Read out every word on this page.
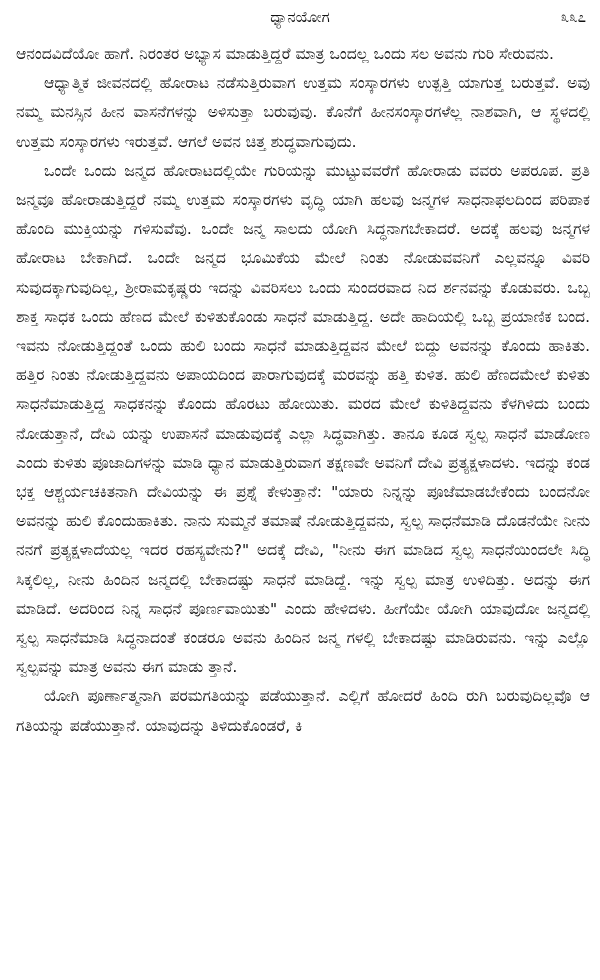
ಧ್ಯಾನಯೋಗ	೩೩೭

ಆನಂದವಿದೆಯೋ ಹಾಗೆ. ನಿರಂತರ ಅಭ್ಯಾಸ ಮಾಡುತ್ತಿದ್ದರೆ ಮಾತ್ರ ಒಂದಲ್ಲ ಒಂದು ಸಲ ಅವನು ಗುರಿ ಸೇರುವನು.

ಆಧ್ಯಾತ್ಮಿಕ ಜೀವನದಲ್ಲಿ ಹೋರಾಟ ನಡೆಸುತ್ತಿರುವಾಗ ಉತ್ತಮ ಸಂಸ್ಕಾರಗಳು ಉತ್ಪತ್ತಿ ಯಾಗುತ್ತ ಬರುತ್ತವೆ. ಅವು ನಮ್ಮ ಮನಸ್ಸಿನ ಹೀನ ವಾಸನೆಗಳನ್ನು ಅಳಿಸುತ್ತಾ ಬರುವುವು. ಕೊನೆಗೆ ಹೀನಸಂಸ್ಕಾರಗಳೆಲ್ಲ ನಾಶವಾಗಿ, ಆ ಸ್ಥಳದಲ್ಲಿ ಉತ್ತಮ ಸಂಸ್ಕಾರಗಳು ಇರುತ್ತವೆ. ಆಗಲೆ ಅವನ ಚಿತ್ತ ಶುದ್ಧವಾಗುವುದು.

ಒಂದೇ ಒಂದು ಜನ್ಮದ ಹೋರಾಟದಲ್ಲಿಯೇ ಗುರಿಯನ್ನು ಮುಟ್ಟುವವರೆಗೆ ಹೋರಾಡು ವವರು ಅಪರೂಪ. ಪ್ರತಿ ಜನ್ಮವೂ ಹೋರಾಡುತ್ತಿದ್ದರೆ ನಮ್ಮ ಉತ್ತಮ ಸಂಸ್ಕಾರಗಳು ವೃದ್ಧಿ ಯಾಗಿ ಹಲವು ಜನ್ಮಗಳ ಸಾಧನಾಫಲದಿಂದ ಪರಿಪಾಕ ಹೊಂದಿ ಮುಕ್ತಿಯನ್ನು ಗಳಿಸುವೆವು. ಒಂದೇ ಜನ್ಮ ಸಾಲದು ಯೋಗಿ ಸಿದ್ಧನಾಗಬೇಕಾದರೆ. ಅದಕ್ಕೆ ಹಲವು ಜನ್ಮಗಳ ಹೋರಾಟ ಬೇಕಾಗಿದೆ. ಒಂದೇ ಜನ್ಮದ ಭೂಮಿಕೆಯ ಮೇಲೆ ನಿಂತು ನೋಡುವವನಿಗೆ ಎಲ್ಲವನ್ನೂ ವಿವರಿ ಸುವುದಕ್ಕಾಗುವುದಿಲ್ಲ, ಶ್ರೀರಾಮಕೃಷ್ಣರು ಇದನ್ನು ವಿವರಿಸಲು ಒಂದು ಸುಂದರವಾದ ನಿದ ರ್ಶನವನ್ನು ಕೊಡುವರು. ಒಬ್ಬ ಶಾಕ್ತ ಸಾಧಕ ಒಂದು ಹೆಣದ ಮೇಲೆ ಕುಳಿತುಕೊಂಡು ಸಾಧನೆ ಮಾಡುತ್ತಿದ್ದ. ಅದೇ ಹಾದಿಯಲ್ಲಿ ಒಬ್ಬ ಪ್ರಯಾಣಿಕ ಬಂದ. ಇವನು ನೋಡುತ್ತಿದ್ದಂತೆ ಒಂದು ಹುಲಿ ಬಂದು ಸಾಧನೆ ಮಾಡುತ್ತಿದ್ದವನ ಮೇಲೆ ಬಿದ್ದು ಅವನನ್ನು ಕೊಂದು ಹಾಕಿತು. ಹತ್ತಿರ ನಿಂತು ನೋಡುತ್ತಿದ್ದವನು ಅಪಾಯದಿಂದ ಪಾರಾಗುವುದಕ್ಕೆ ಮರವನ್ನು ಹತ್ತಿ ಕುಳಿತ. ಹುಲಿ ಹೆಣದಮೇಲೆ ಕುಳಿತು ಸಾಧನೆಮಾಡುತ್ತಿದ್ದ ಸಾಧಕನನ್ನು ಕೊಂದು ಹೊರಟು ಹೋಯಿತು. ಮರದ ಮೇಲೆ ಕುಳಿತಿದ್ದವನು ಕೆಳಗಿಳಿದು ಬಂದು ನೋಡುತ್ತಾನೆ, ದೇವಿ ಯನ್ನು ಉಪಾಸನೆ ಮಾಡುವುದಕ್ಕೆ ಎಲ್ಲಾ ಸಿದ್ಧವಾಗಿತ್ತು. ತಾನೂ ಕೂಡ ಸ್ವಲ್ಪ ಸಾಧನೆ ಮಾಡೋಣ ಎಂದು ಕುಳಿತು ಪೂಜಾದಿಗಳನ್ನು ಮಾಡಿ ಧ್ಯಾನ ಮಾಡುತ್ತಿರುವಾಗ ತಕ್ಷಣವೇ ಅವನಿಗೆ ದೇವಿ ಪ್ರತ್ಯಕ್ಷಳಾದಳು. ಇದನ್ನು ಕಂಡ ಭಕ್ತ ಆಶ್ಚರ್ಯಚಕಿತನಾಗಿ ದೇವಿಯನ್ನು ಈ ಪ್ರಶ್ನೆ ಕೇಳುತ್ತಾನೆ: "ಯಾರು ನಿನ್ನನ್ನು ಪೂಜೆಮಾಡಬೇಕೆಂದು ಬಂದನೋ ಅವನನ್ನು ಹುಲಿ ಕೊಂದುಹಾಕಿತು. ನಾನು ಸುಮ್ಮನೆ ತಮಾಷೆ ನೋಡುತ್ತಿದ್ದವನು, ಸ್ವಲ್ಪ ಸಾಧನೆಮಾಡಿ ದೊಡನೆಯೇ ನೀನು ನನಗೆ ಪ್ರತ್ಯಕ್ಷಳಾದೆಯಲ್ಲ ಇದರ ರಹಸ್ಯವೇನು?" ಅದಕ್ಕೆ ದೇವಿ, "ನೀನು ಈಗ ಮಾಡಿದ ಸ್ವಲ್ಪ ಸಾಧನೆಯಿಂದಲೇ ಸಿದ್ಧಿ ಸಿಕ್ಕಲಿಲ್ಲ, ನೀನು ಹಿಂದಿನ ಜನ್ಮದಲ್ಲಿ ಬೇಕಾದಷ್ಟು ಸಾಧನೆ ಮಾಡಿದ್ದೆ. ಇನ್ನು ಸ್ವಲ್ಪ ಮಾತ್ರ ಉಳಿದಿತ್ತು. ಅದನ್ನು ಈಗ ಮಾಡಿದೆ. ಅದರಿಂದ ನಿನ್ನ ಸಾಧನೆ ಪೂರ್ಣವಾಯಿತು" ಎಂದು ಹೇಳಿದಳು. ಹೀಗೆಯೇ ಯೋಗಿ ಯಾವುದೋ ಜನ್ಮದಲ್ಲಿ ಸ್ವಲ್ಪ ಸಾಧನೆಮಾಡಿ ಸಿದ್ಧನಾದಂತೆ ಕಂಡರೂ ಅವನು ಹಿಂದಿನ ಜನ್ಮ ಗಳಲ್ಲಿ ಬೇಕಾದಷ್ಟು ಮಾಡಿರುವನು. ಇನ್ನು ಎಲ್ಲೊ ಸ್ವಲ್ಪವನ್ನು ಮಾತ್ರ ಅವನು ಈಗ ಮಾಡು ತ್ತಾನೆ.

ಯೋಗಿ ಪೂರ್ಣಾತ್ಮನಾಗಿ ಪರಮಗತಿಯನ್ನು ಪಡೆಯುತ್ತಾನೆ. ಎಲ್ಲಿಗೆ ಹೋದರೆ ಹಿಂದಿ ರುಗಿ ಬರುವುದಿಲ್ಲವೊ ಆ ಗತಿಯನ್ನು ಪಡೆಯುತ್ತಾನೆ. ಯಾವುದನ್ನು ತಿಳಿದುಕೊಂಡರೆ, ಕಿ
